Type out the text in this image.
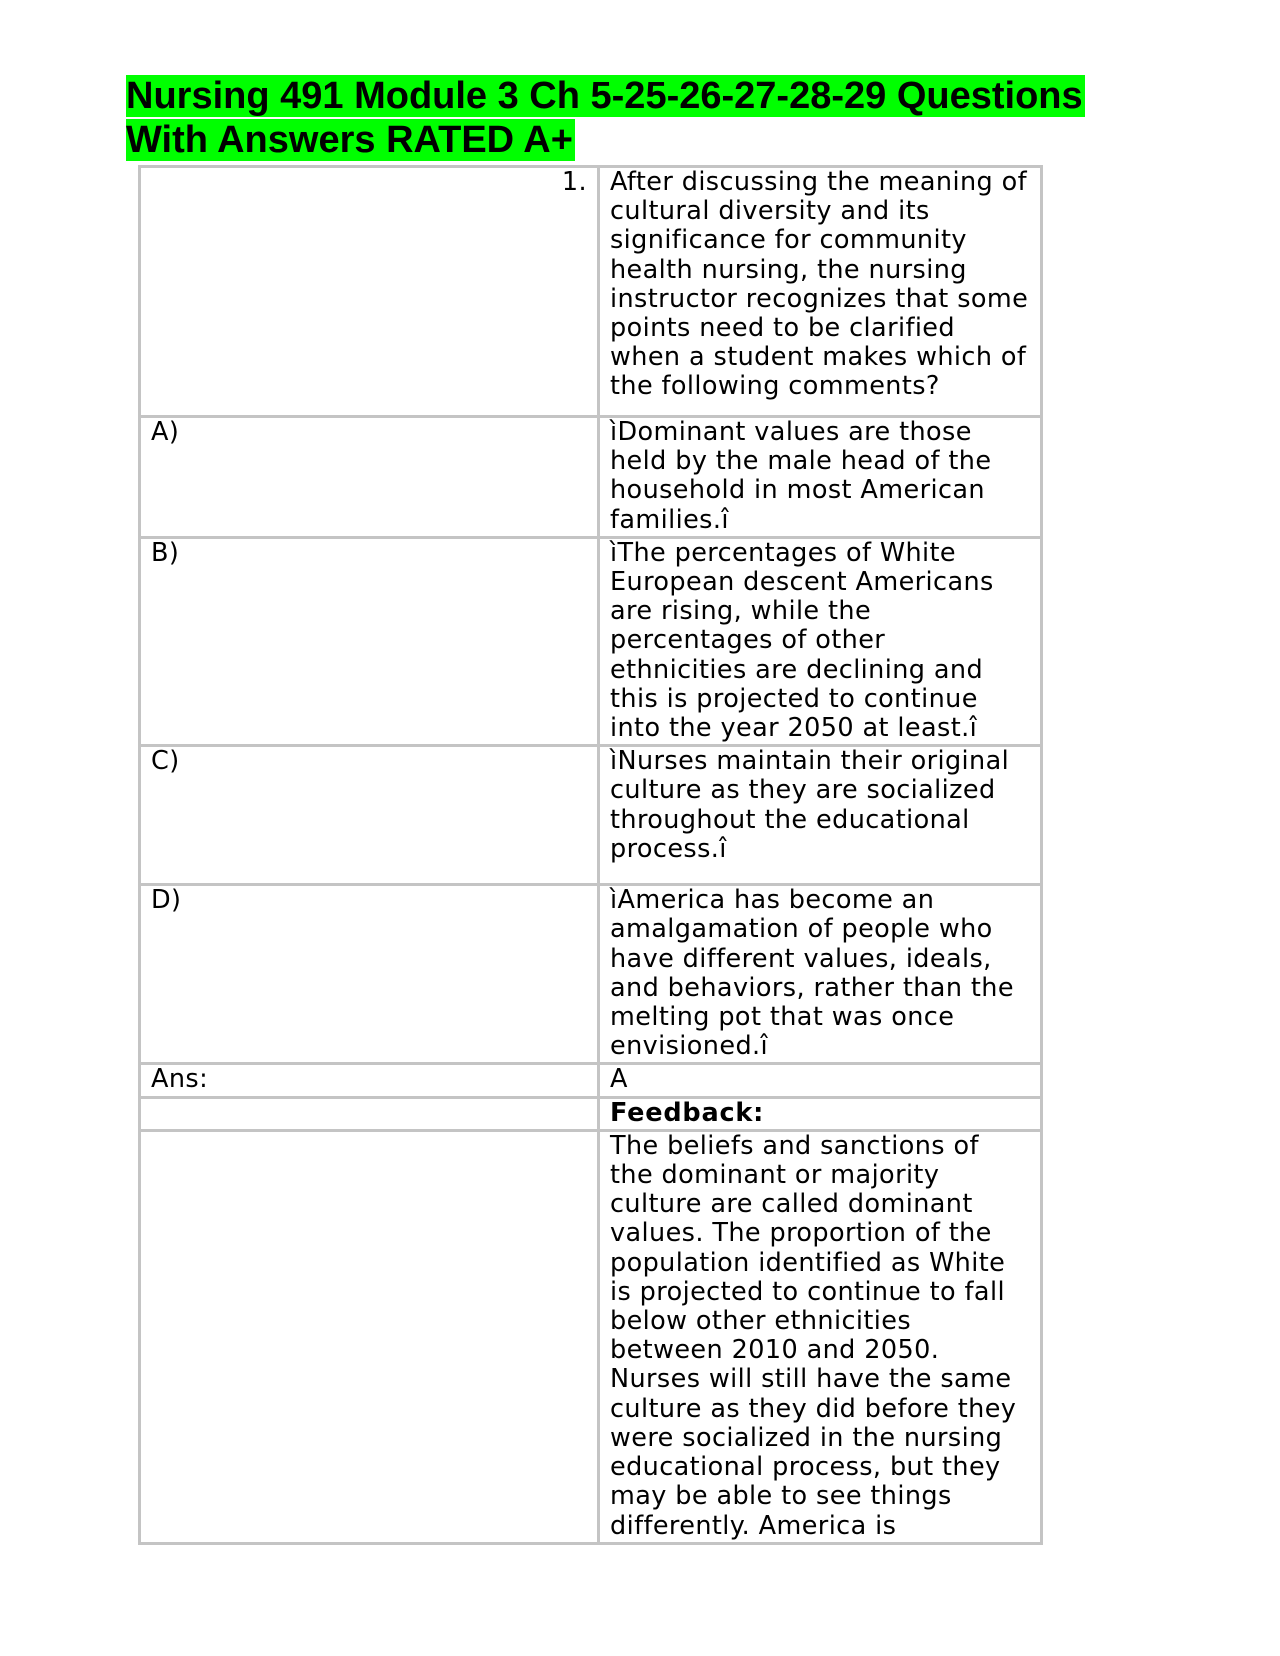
Nursing 491 Module 3 Ch 5-25-26-27-28-29 Questions
With Answers RATED A+
1.	After discussing the meaning of cultural diversity and its significance for community health nursing, the nursing instructor recognizes that some points need to be clarified when a student makes which of the following comments?
A)	ìDominant values are those held by the male head of the household in most American families.î
B)	ìThe percentages of White European descent Americans are rising, while the percentages of other ethnicities are declining and this is projected to continue into the year 2050 at least.î
C)	ìNurses maintain their original culture as they are socialized throughout the educational process.î
D)	ìAmerica has become an amalgamation of people who have different values, ideals, and behaviors, rather than the melting pot that was once envisioned.î
Ans:	A
	Feedback:
	The beliefs and sanctions of the dominant or majority culture are called dominant values. The proportion of the population identified as White is projected to continue to fall below other ethnicities between 2010 and 2050. Nurses will still have the same culture as they did before they were socialized in the nursing educational process, but they may be able to see things differently. America is
